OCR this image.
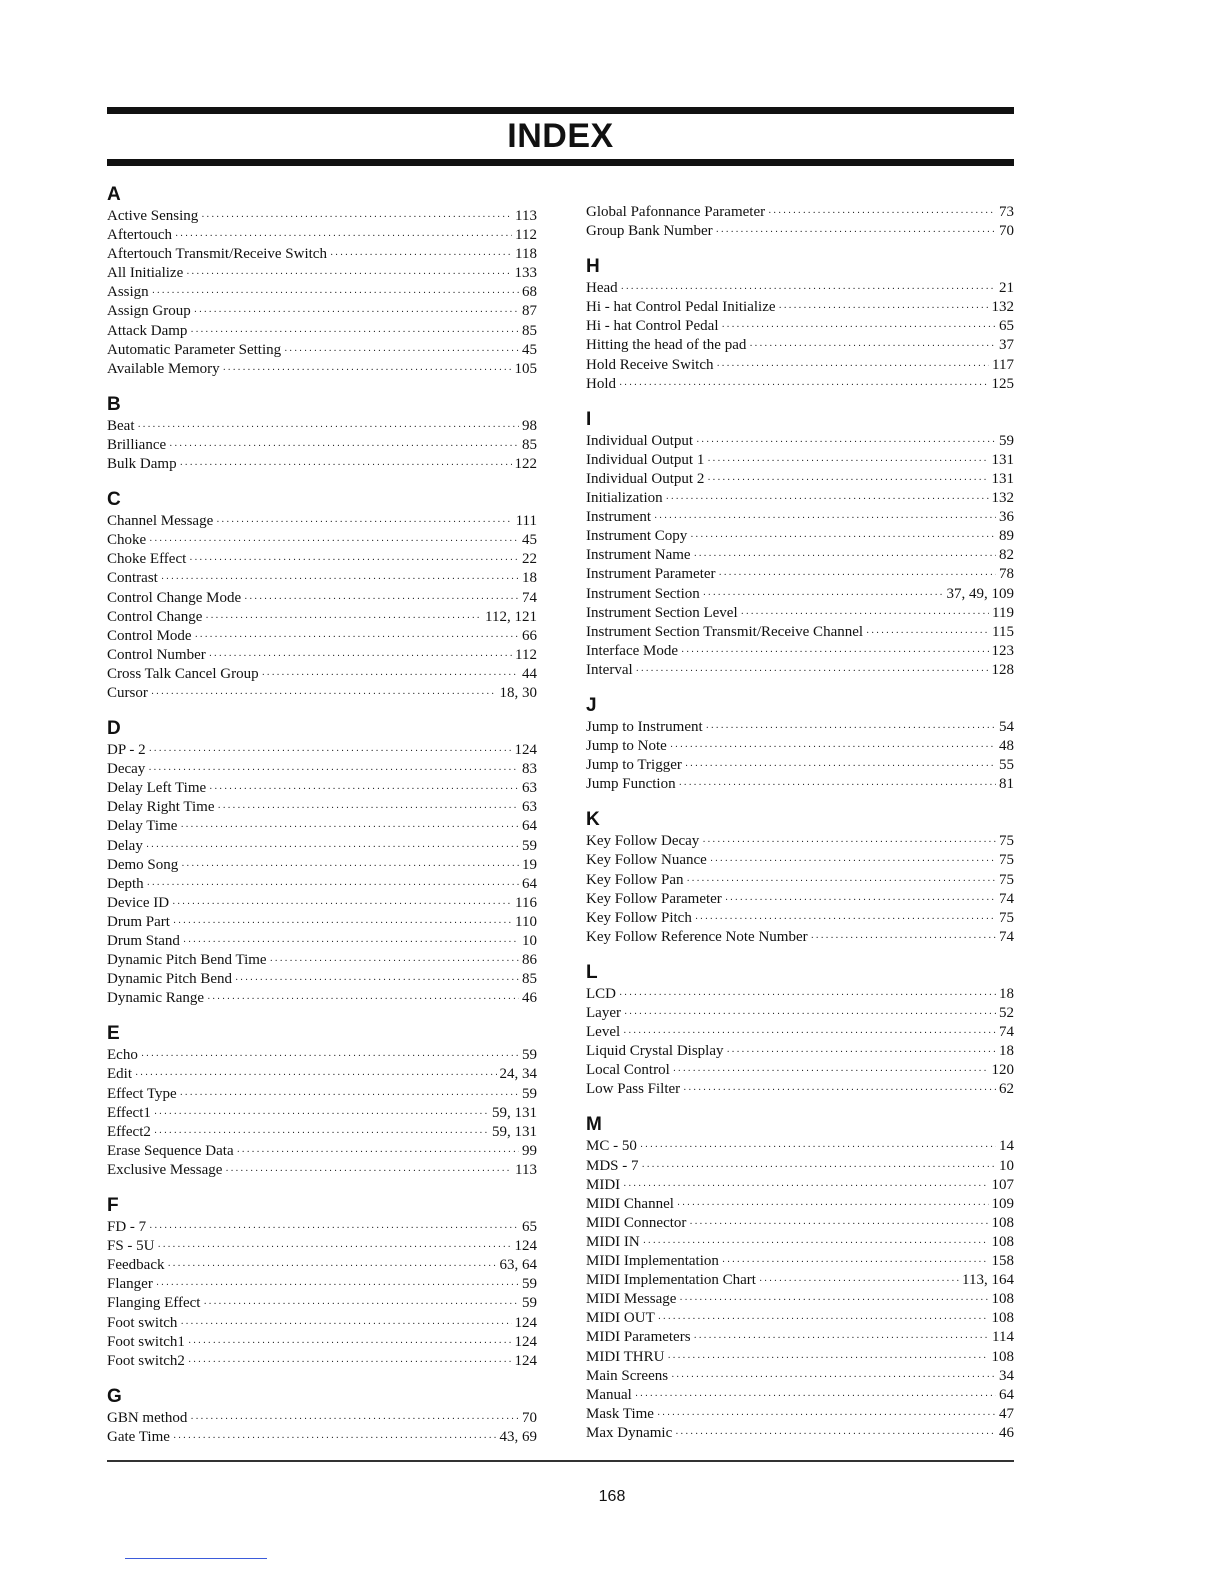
INDEX
A
Active Sensing ·····	113
Aftertouch ·····	112
Aftertouch Transmit/Receive Switch ·····	118
All Initialize ·····	133
Assign ·····	68
Assign Group ·····	87
Attack Damp ·····	85
Automatic Parameter Setting ·····	45
Available Memory ·····	105
B
Beat ·····	98
Brilliance ·····	85
Bulk Damp ·····	122
C
Channel Message ·····	111
Choke ·····	45
Choke Effect ·····	22
Contrast ·····	18
Control Change Mode ·····	74
Control Change ·····	112, 121
Control Mode ·····	66
Control Number ·····	112
Cross Talk Cancel Group ·····	44
Cursor ·····	18, 30
D
DP - 2 ·····	124
Decay ·····	83
Delay Left Time ·····	63
Delay Right Time ·····	63
Delay Time ·····	64
Delay ·····	59
Demo Song ·····	19
Depth ·····	64
Device ID ·····	116
Drum Part ·····	110
Drum Stand ·····	10
Dynamic Pitch Bend Time ·····	86
Dynamic Pitch Bend ·····	85
Dynamic Range ·····	46
E
Echo ·····	59
Edit ·····	24, 34
Effect Type ·····	59
Effect1 ·····	59, 131
Effect2 ·····	59, 131
Erase Sequence Data ·····	99
Exclusive Message ·····	113
F
FD - 7 ·····	65
FS - 5U ·····	124
Feedback ·····	63, 64
Flanger ·····	59
Flanging Effect ·····	59
Foot switch ·····	124
Foot switch1 ·····	124
Foot switch2 ·····	124
G
GBN method ·····	70
Gate Time ·····	43, 69
Global Pafonnance Parameter ·····	73
Group Bank Number ·····	70
H
Head ·····	21
Hi - hat Control Pedal Initialize ·····	132
Hi - hat Control Pedal ·····	65
Hitting the head of the pad ·····	37
Hold Receive Switch ·····	117
Hold ·····	125
I
Individual Output ·····	59
Individual Output 1 ·····	131
Individual Output 2 ·····	131
Initialization ·····	132
Instrument ·····	36
Instrument Copy ·····	89
Instrument Name ·····	82
Instrument Parameter ·····	78
Instrument Section ·····	37, 49, 109
Instrument Section Level ·····	119
Instrument Section Transmit/Receive Channel ·····	115
Interface Mode ·····	123
Interval ·····	128
J
Jump to Instrument ·····	54
Jump to Note ·····	48
Jump to Trigger ·····	55
Jump Function ·····	81
K
Key Follow Decay ·····	75
Key Follow Nuance ·····	75
Key Follow Pan ·····	75
Key Follow Parameter ·····	74
Key Follow Pitch ·····	75
Key Follow Reference Note Number ·····	74
L
LCD ·····	18
Layer ·····	52
Level ·····	74
Liquid Crystal Display ·····	18
Local Control ·····	120
Low Pass Filter ·····	62
M
MC - 50 ·····	14
MDS - 7 ·····	10
MIDI ·····	107
MIDI Channel ·····	109
MIDI Connector ·····	108
MIDI IN ·····	108
MIDI Implementation ·····	158
MIDI Implementation Chart ·····	113, 164
MIDI Message ·····	108
MIDI OUT ·····	108
MIDI Parameters ·····	114
MIDI THRU ·····	108
Main Screens ·····	34
Manual ·····	64
Mask Time ·····	47
Max Dynamic ·····	46
168
